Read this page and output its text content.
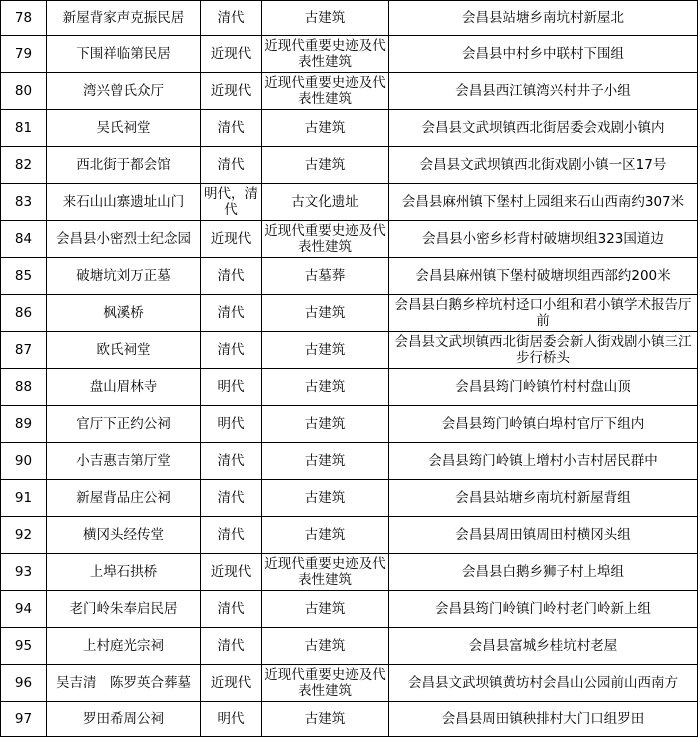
78	新屋背家声克振民居	清代	古建筑	会昌县站塘乡南坑村新屋北
79	下围祥临第民居	近现代	近现代重要史迹及代表性建筑	会昌县中村乡中联村下围组
80	湾兴曾氏众厅	近现代	近现代重要史迹及代表性建筑	会昌县西江镇湾兴村井子小组
81	吴氏祠堂	清代	古建筑	会昌县文武坝镇西北街居委会戏剧小镇内
82	西北街于都会馆	清代	古建筑	会昌县文武坝镇西北街戏剧小镇一区17号
83	来石山山寨遗址山门	明代，清代	古文化遗址	会昌县麻州镇下堡村上园组来石山西南约307米
84	会昌县小密烈士纪念园	近现代	近现代重要史迹及代表性建筑	会昌县小密乡杉背村破塘坝组323国道边
85	破塘坑刘万正墓	清代	古墓葬	会昌县麻州镇下堡村破塘坝组西部约200米
86	枫溪桥	清代	古建筑	会昌县白鹅乡梓坑村迳口小组和君小镇学术报告厅前
87	欧氏祠堂	清代	古建筑	会昌县文武坝镇西北街居委会新人街戏剧小镇三江步行桥头
88	盘山眉林寺	明代	古建筑	会昌县筠门岭镇竹村村盘山顶
89	官厅下正约公祠	明代	古建筑	会昌县筠门岭镇白埠村官厅下组内
90	小吉惠吉第厅堂	清代	古建筑	会昌县筠门岭镇上增村小吉村居民群中
91	新屋背品庄公祠	清代	古建筑	会昌县站塘乡南坑村新屋背组
92	横冈头经传堂	清代	古建筑	会昌县周田镇周田村横冈头组
93	上埠石拱桥	近现代	近现代重要史迹及代表性建筑	会昌县白鹅乡狮子村上埠组
94	老门岭朱奉启民居	清代	古建筑	会昌县筠门岭镇门岭村老门岭新上组
95	上村庭光宗祠	清代	古建筑	会昌县富城乡桂坑村老屋
96	吴吉清　陈罗英合葬墓	近现代	近现代重要史迹及代表性建筑	会昌县文武坝镇黄坊村会昌山公园前山西南方
97	罗田希周公祠	明代	古建筑	会昌县周田镇秧排村大门口组罗田
